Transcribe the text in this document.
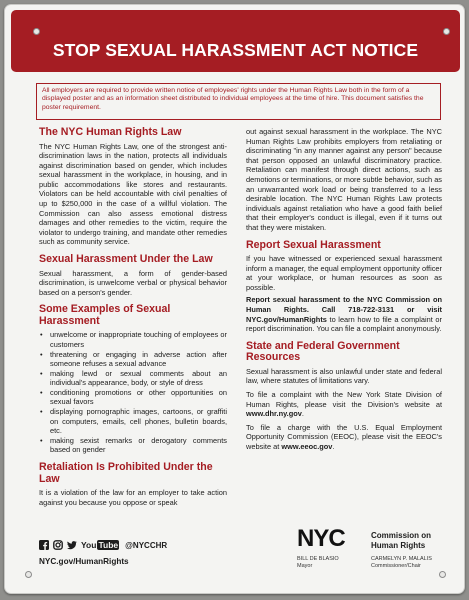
STOP SEXUAL HARASSMENT ACT NOTICE
All employers are required to provide written notice of employees' rights under the Human Rights Law both in the form of a displayed poster and as an information sheet distributed to individual employees at the time of hire. This document satisfies the poster requirement.
The NYC Human Rights Law

The NYC Human Rights Law, one of the strongest anti-discrimination laws in the nation, protects all individuals against discrimination based on gender, which includes sexual harassment in the workplace, in housing, and in public accommodations like stores and restaurants. Violators can be held accountable with civil penalties of up to $250,000 in the case of a willful violation. The Commission can also assess emotional distress damages and other remedies to the victim, require the violator to undergo training, and mandate other remedies such as community service.

Sexual Harassment Under the Law

Sexual harassment, a form of gender-based discrimination, is unwelcome verbal or physical behavior based on a person's gender.

Some Examples of Sexual Harassment
• unwelcome or inappropriate touching of employees or customers
• threatening or engaging in adverse action after someone refuses a sexual advance
• making lewd or sexual comments about an individual's appearance, body, or style of dress
• conditioning promotions or other opportunities on sexual favors
• displaying pornographic images, cartoons, or graffiti on computers, emails, cell phones, bulletin boards, etc.
• making sexist remarks or derogatory comments based on gender
Retaliation Is Prohibited Under the Law

It is a violation of the law for an employer to take action against you because you oppose or speak

out against sexual harassment in the workplace. The NYC Human Rights Law prohibits employers from retaliating or discriminating "in any manner against any person" because that person opposed an unlawful discriminatory practice. Retaliation can manifest through direct actions, such as demotions or terminations, or more subtle behavior, such as an unwarranted work load or being transferred to a less desirable location. The NYC Human Rights Law protects individuals against retaliation who have a good faith belief that their employer's conduct is illegal, even if it turns out that they were mistaken.

Report Sexual Harassment

If you have witnessed or experienced sexual harassment inform a manager, the equal employment opportunity officer at your workplace, or human resources as soon as possible.

Report sexual harassment to the NYC Commission on Human Rights. Call 718-722-3131 or visit NYC.gov/HumanRights to learn how to file a complaint or report discrimination. You can file a complaint anonymously.

State and Federal Government Resources

Sexual harassment is also unlawful under state and federal law, where statutes of limitations vary.

To file a complaint with the New York State Division of Human Rights, please visit the Division's website at www.dhr.ny.gov.

To file a charge with the U.S. Equal Employment Opportunity Commission (EEOC), please visit the EEOC's website at www.eeoc.gov.

You Tube @NYCCHR
NYC.gov/HumanRights
NYC	Commission on
Human Rights
BILL DE BLASIO
Mayor
CARMELYN P. MALALIS
Commissioner/Chair
